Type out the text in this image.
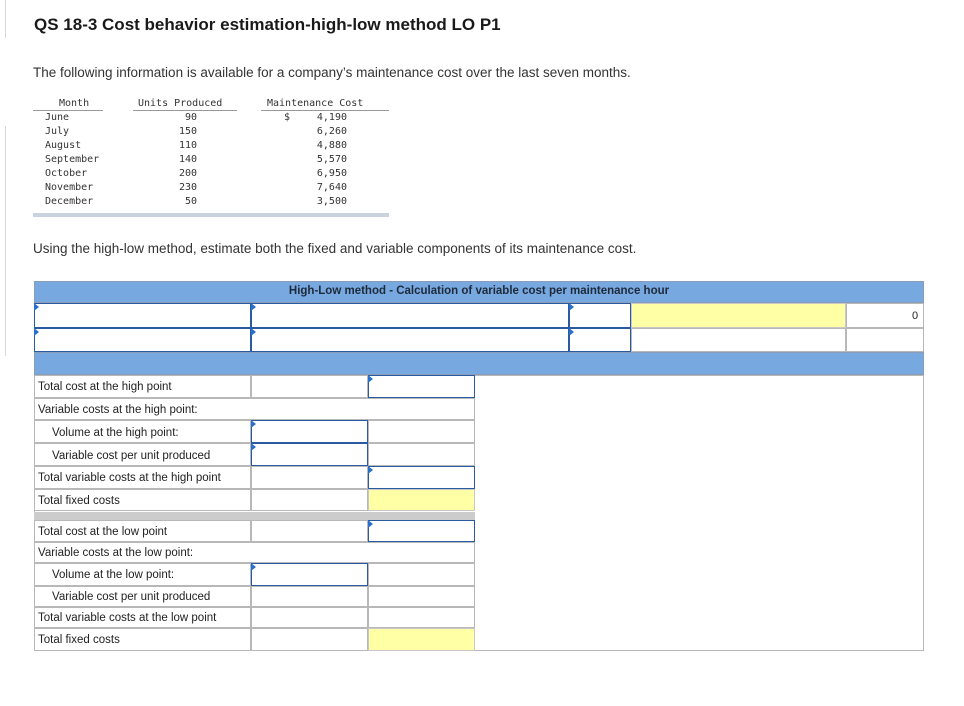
QS 18-3 Cost behavior estimation-high-low method LO P1
The following information is available for a company’s maintenance cost over the last seven months.
Month	Units Produced	Maintenance Cost
$
June	90	4,190
July	150	6,260
August	110	4,880
September	140	5,570
October	200	6,950
November	230	7,640
December	50	3,500
Using the high-low method, estimate both the fixed and variable components of its maintenance cost.
High-Low method - Calculation of variable cost per maintenance hour
0
Total cost at the high point
Variable costs at the high point:
Volume at the high point:
Variable cost per unit produced
Total variable costs at the high point
Total fixed costs
Total cost at the low point
Variable costs at the low point:
Volume at the low point:
Variable cost per unit produced
Total variable costs at the low point
Total fixed costs
